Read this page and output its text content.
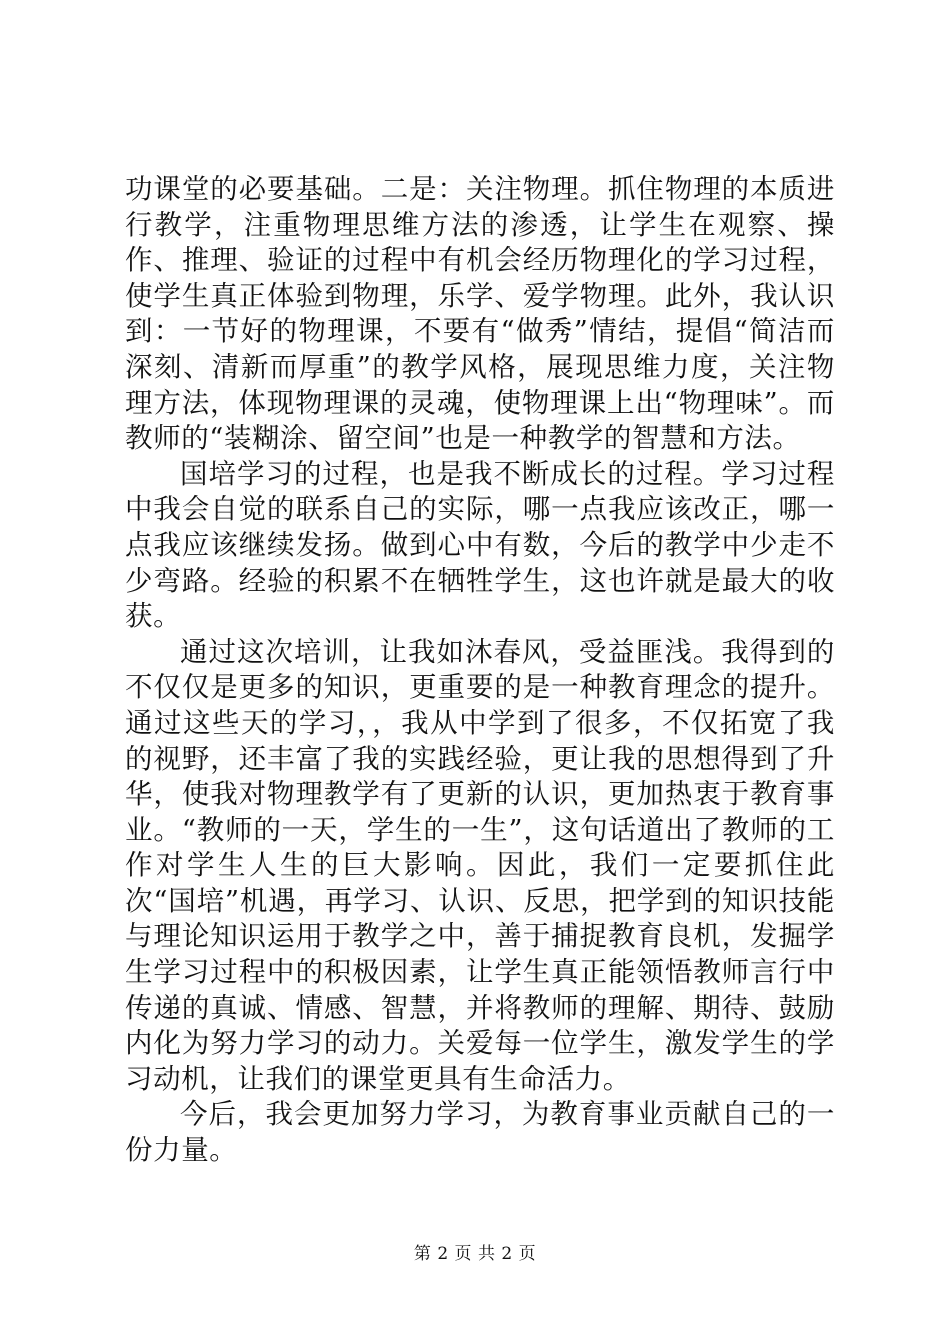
功课堂的必要基础。二是：关注物理。抓住物理的本质进行教学，注重物理思维方法的渗透，让学生在观察、操作、推理、验证的过程中有机会经历物理化的学习过程，使学生真正体验到物理，乐学、爱学物理。此外，我认识到：一节好的物理课，不要有“做秀”情结，提倡“简洁而深刻、清新而厚重”的教学风格，展现思维力度，关注物理方法，体现物理课的灵魂，使物理课上出“物理味”。而教师的“装糊涂、留空间”也是一种教学的智慧和方法。

国培学习的过程，也是我不断成长的过程。学习过程中我会自觉的联系自己的实际，哪一点我应该改正，哪一点我应该继续发扬。做到心中有数，今后的教学中少走不少弯路。经验的积累不在牺牲学生，这也许就是最大的收获。

通过这次培训，让我如沐春风，受益匪浅。我得到的不仅仅是更多的知识，更重要的是一种教育理念的提升。通过这些天的学习，，我从中学到了很多，不仅拓宽了我的视野，还丰富了我的实践经验，更让我的思想得到了升华，使我对物理教学有了更新的认识，更加热衷于教育事业。“教师的一天，学生的一生”，这句话道出了教师的工作对学生人生的巨大影响。因此，我们一定要抓住此次“国培”机遇，再学习、认识、反思，把学到的知识技能与理论知识运用于教学之中，善于捕捉教育良机，发掘学生学习过程中的积极因素，让学生真正能领悟教师言行中传递的真诚、情感、智慧，并将教师的理解、期待、鼓励内化为努力学习的动力。关爱每一位学生，激发学生的学习动机，让我们的课堂更具有生命活力。

今后，我会更加努力学习，为教育事业贡献自己的一份力量。

第 2 页 共 2 页
